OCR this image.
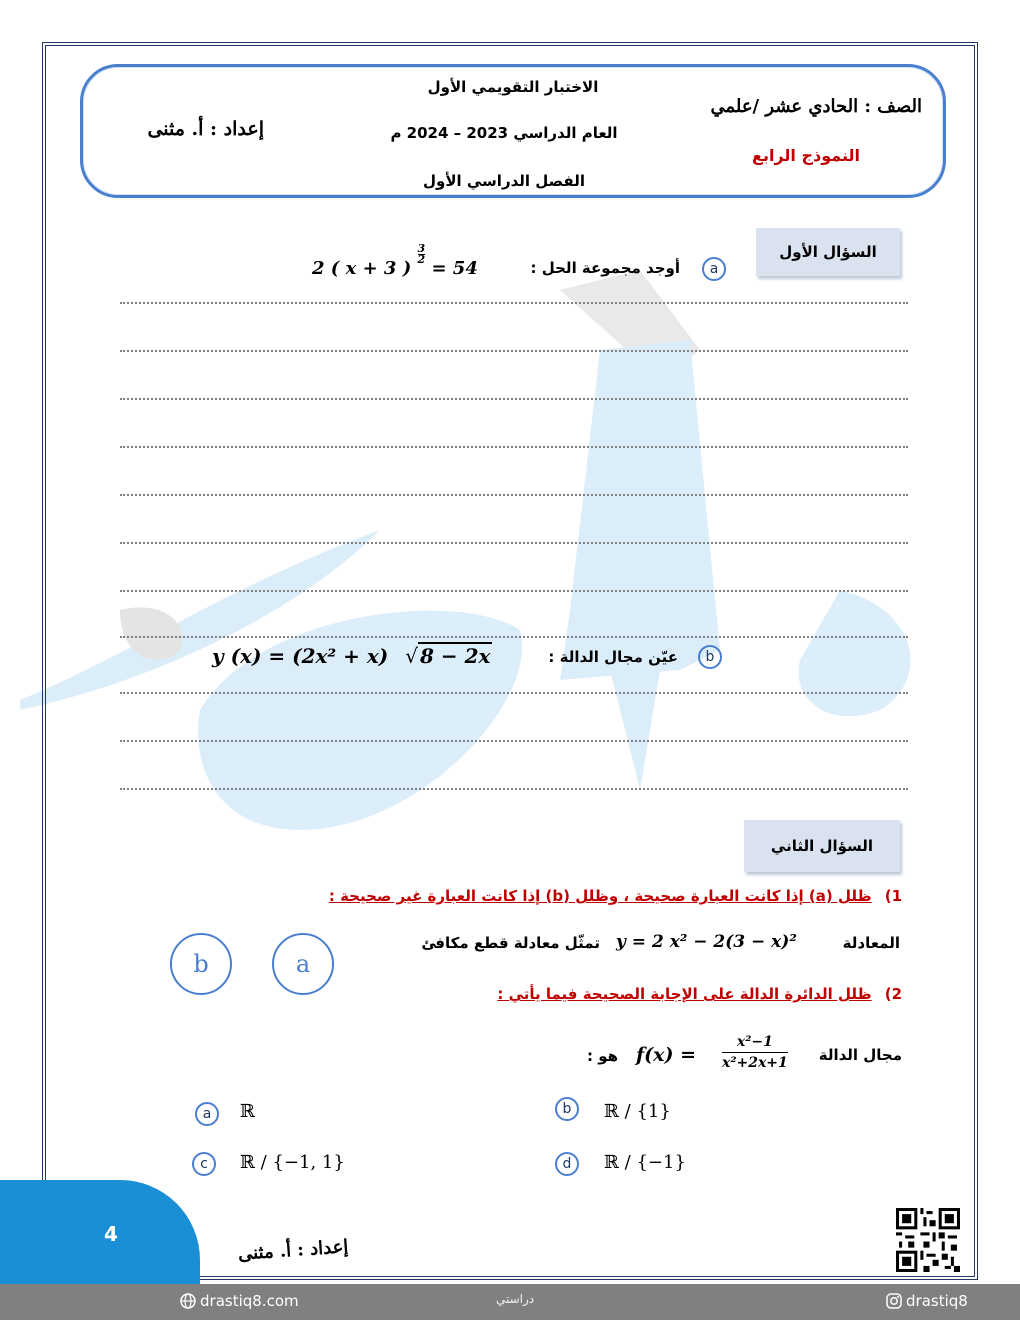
الاختبار التقويمي الأول
العام الدراسي 2023 – 2024 م
الفصل الدراسي الأول
الصف : الحادي عشر /علمي
النموذج الرابع
إعداد : أ. مثنى
السؤال الأول
a
أوجد مجموعة الحل :
2 ( x + 3 )
$\frac{3}{2}$
= 54
b
عيّن مجال الدالة :
y (x) = (2x² + x) √ 8 − 2x
السؤال الثاني
1) ظلل (a) إذا كانت العبارة صحيحة ، وظلل (b) إذا كانت العبارة غير صحيحة :
المعادلة
y = 2 x² − 2(3 − x)²
تمثّل معادلة قطع مكافئ
a
b
2) ظلل الدائرة الدالة على الإجابة الصحيحة فيما يأتي :
مجال الدالة
$\frac{\text{x²−1}}{\text{x²+2x+1}}$
f(x) =
هو :
a	ℝ	b	ℝ / {1}
c	ℝ / {−1, 1}	d	ℝ / {−1}
4
إعداد : أ. مثنى
drastiq8.com	دراستي	drastiq8
